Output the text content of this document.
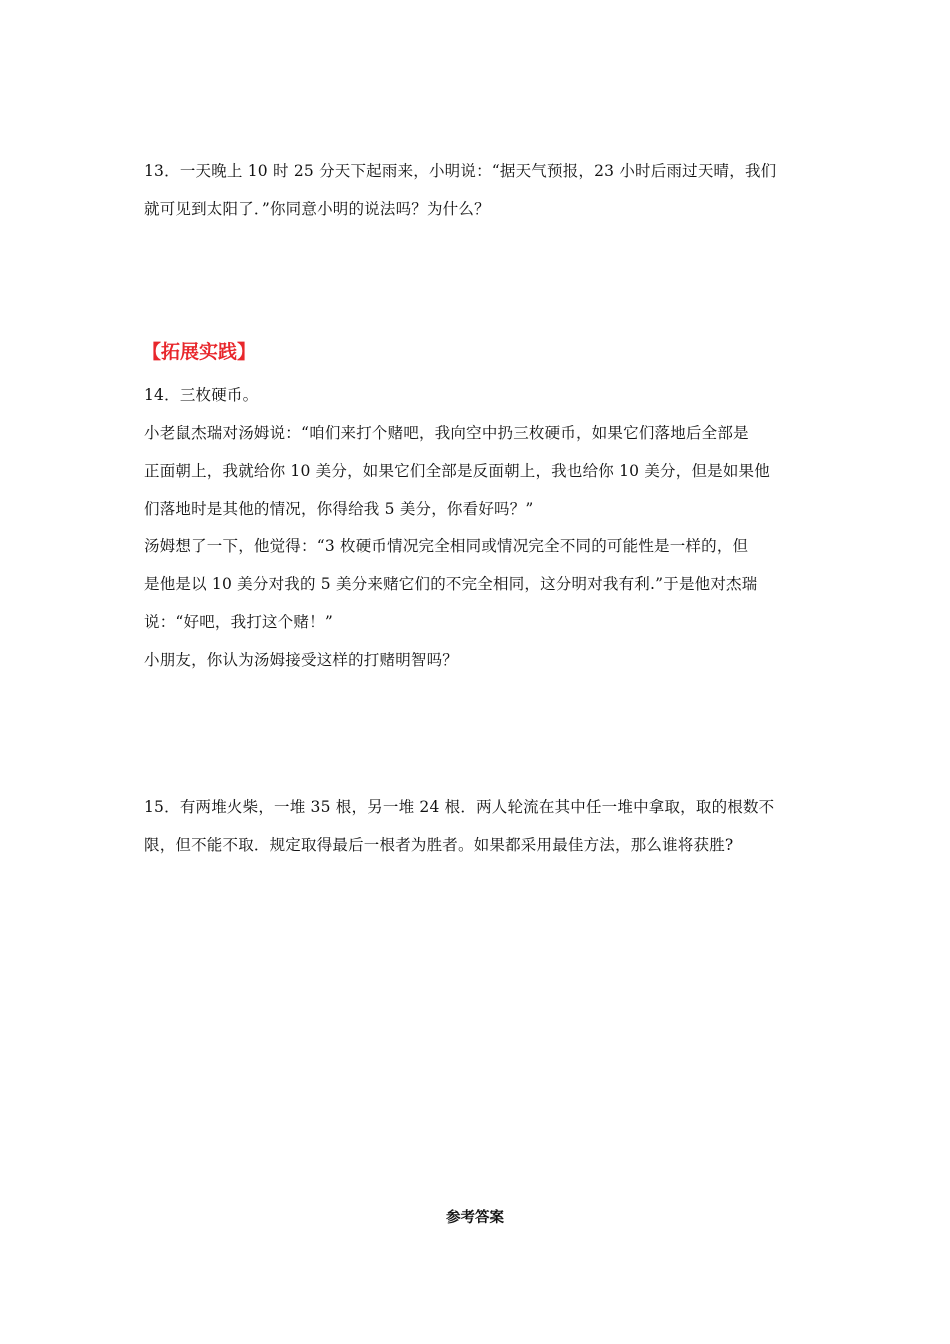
13．一天晚上 10 时 25 分天下起雨来，小明说：“据天气预报，23 小时后雨过天晴，我们
就可见到太阳了．”你同意小明的说法吗？为什么？
【拓展实践】
14．三枚硬币。
小老鼠杰瑞对汤姆说：“咱们来打个赌吧，我向空中扔三枚硬币，如果它们落地后全部是
正面朝上，我就给你 10 美分，如果它们全部是反面朝上，我也给你 10 美分，但是如果他
们落地时是其他的情况，你得给我 5 美分，你看好吗？”
汤姆想了一下，他觉得：“3 枚硬币情况完全相同或情况完全不同的可能性是一样的，但
是他是以 10 美分对我的 5 美分来赌它们的不完全相同，这分明对我有利.”于是他对杰瑞
说：“好吧，我打这个赌！”
小朋友，你认为汤姆接受这样的打赌明智吗？
15．有两堆火柴，一堆 35 根，另一堆 24 根．两人轮流在其中任一堆中拿取，取的根数不
限，但不能不取．规定取得最后一根者为胜者。如果都采用最佳方法，那么谁将获胜?
参考答案
